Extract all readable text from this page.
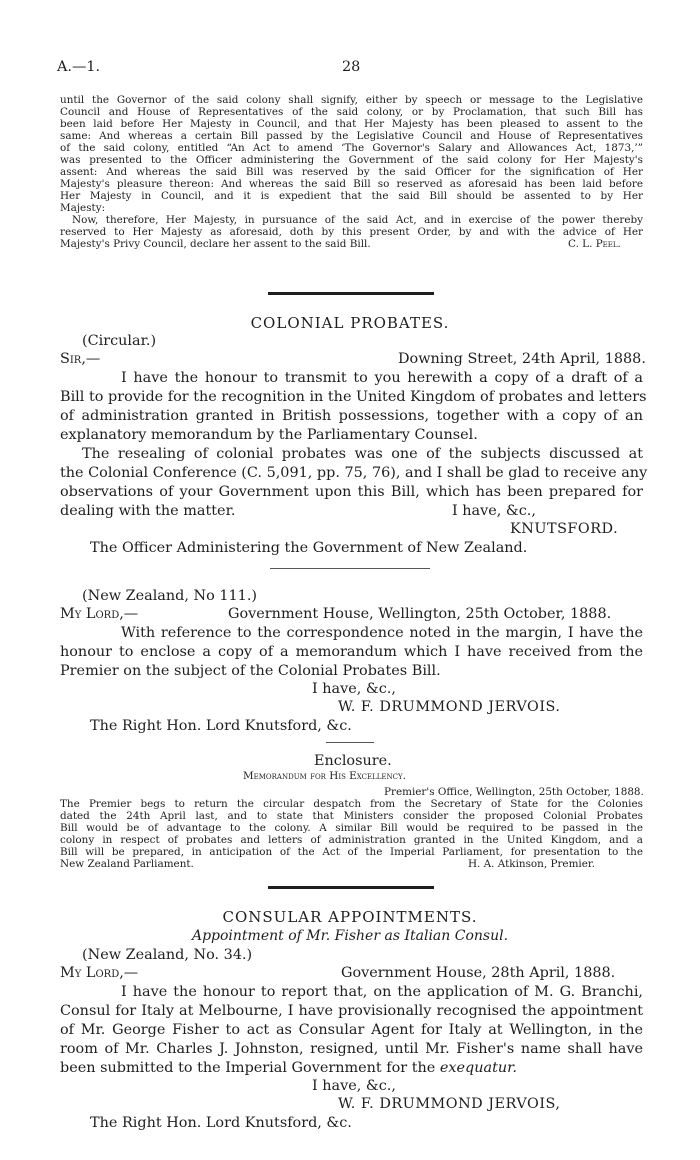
A.—1.	28
until the Governor of the said colony shall signify, either by speech or message to the Legislative
Council and House of Representatives of the said colony, or by Proclamation, that such Bill has
been laid before Her Majesty in Council, and that Her Majesty has been pleased to assent to the
same: And whereas a certain Bill passed by the Legislative Council and House of Representatives
of the said colony, entitled “An Act to amend ‘The Governor's Salary and Allowances Act, 1873,’”
was presented to the Officer administering the Government of the said colony for Her Majesty's
assent: And whereas the said Bill was reserved by the said Officer for the signification of Her
Majesty's pleasure thereon: And whereas the said Bill so reserved as aforesaid has been laid before
Her Majesty in Council, and it is expedient that the said Bill should be assented to by Her
Majesty:
Now, therefore, Her Majesty, in pursuance of the said Act, and in exercise of the power thereby
reserved to Her Majesty as aforesaid, doth by this present Order, by and with the advice of Her
Majesty's Privy Council, declare her assent to the said Bill.	C. L. Peel.
COLONIAL PROBATES.
(Circular.)
Sir,—	Downing Street, 24th April, 1888.
I have the honour to transmit to you herewith a copy of a draft of a
Bill to provide for the recognition in the United Kingdom of probates and letters
of administration granted in British possessions, together with a copy of an
explanatory memorandum by the Parliamentary Counsel.
The resealing of colonial probates was one of the subjects discussed at
the Colonial Conference (C. 5,091, pp. 75, 76), and I shall be glad to receive any
observations of your Government upon this Bill, which has been prepared for
dealing with the matter.	I have, &c.,
KNUTSFORD.
The Officer Administering the Government of New Zealand.
(New Zealand, No 111.)
My Lord,—	Government House, Wellington, 25th October, 1888.
With reference to the correspondence noted in the margin, I have the
honour to enclose a copy of a memorandum which I have received from the
Premier on the subject of the Colonial Probates Bill.
I have, &c.,
W. F. DRUMMOND JERVOIS.
The Right Hon. Lord Knutsford, &c.
Enclosure.
Memorandum for His Excellency.
Premier's Office, Wellington, 25th October, 1888.
The Premier begs to return the circular despatch from the Secretary of State for the Colonies
dated the 24th April last, and to state that Ministers consider the proposed Colonial Probates
Bill would be of advantage to the colony. A similar Bill would be required to be passed in the
colony in respect of probates and letters of administration granted in the United Kingdom, and a
Bill will be prepared, in anticipation of the Act of the Imperial Parliament, for presentation to the
New Zealand Parliament.	H. A. Atkinson, Premier.
CONSULAR APPOINTMENTS.
Appointment of Mr. Fisher as Italian Consul.
(New Zealand, No. 34.)
My Lord,—	Government House, 28th April, 1888.
I have the honour to report that, on the application of M. G. Branchi,
Consul for Italy at Melbourne, I have provisionally recognised the appointment
of Mr. George Fisher to act as Consular Agent for Italy at Wellington, in the
room of Mr. Charles J. Johnston, resigned, until Mr. Fisher's name shall have
been submitted to the Imperial Government for the exequatur.
I have, &c.,
W. F. DRUMMOND JERVOIS,
The Right Hon. Lord Knutsford, &c.
